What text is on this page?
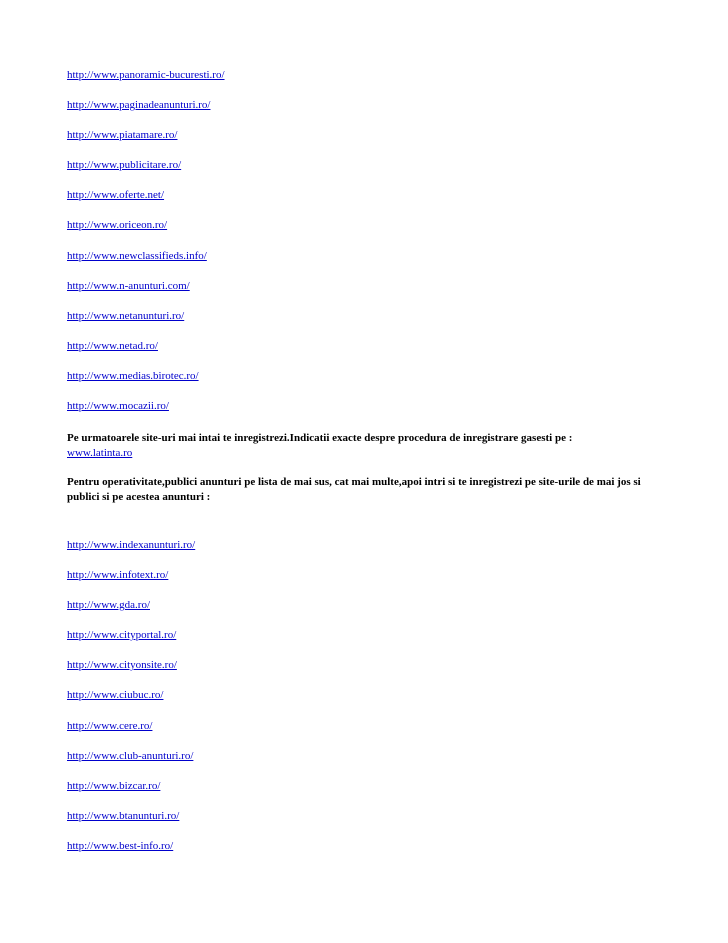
http://www.panoramic-bucuresti.ro/
http://www.paginadeanunturi.ro/
http://www.piatamare.ro/
http://www.publicitare.ro/
http://www.oferte.net/
http://www.oriceon.ro/
http://www.newclassifieds.info/
http://www.n-anunturi.com/
http://www.netanunturi.ro/
http://www.netad.ro/
http://www.medias.birotec.ro/
http://www.mocazii.ro/
Pe urmatoarele site-uri mai intai te inregistrezi.Indicatii exacte despre procedura de inregistrare gasesti pe :
www.latinta.ro
Pentru operativitate,publici anunturi pe lista de mai sus, cat mai multe,apoi intri si te inregistrezi pe site-urile de mai jos si publici si pe acestea anunturi :
http://www.indexanunturi.ro/
http://www.infotext.ro/
http://www.gda.ro/
http://www.cityportal.ro/
http://www.cityonsite.ro/
http://www.ciubuc.ro/
http://www.cere.ro/
http://www.club-anunturi.ro/
http://www.bizcar.ro/
http://www.btanunturi.ro/
http://www.best-info.ro/
